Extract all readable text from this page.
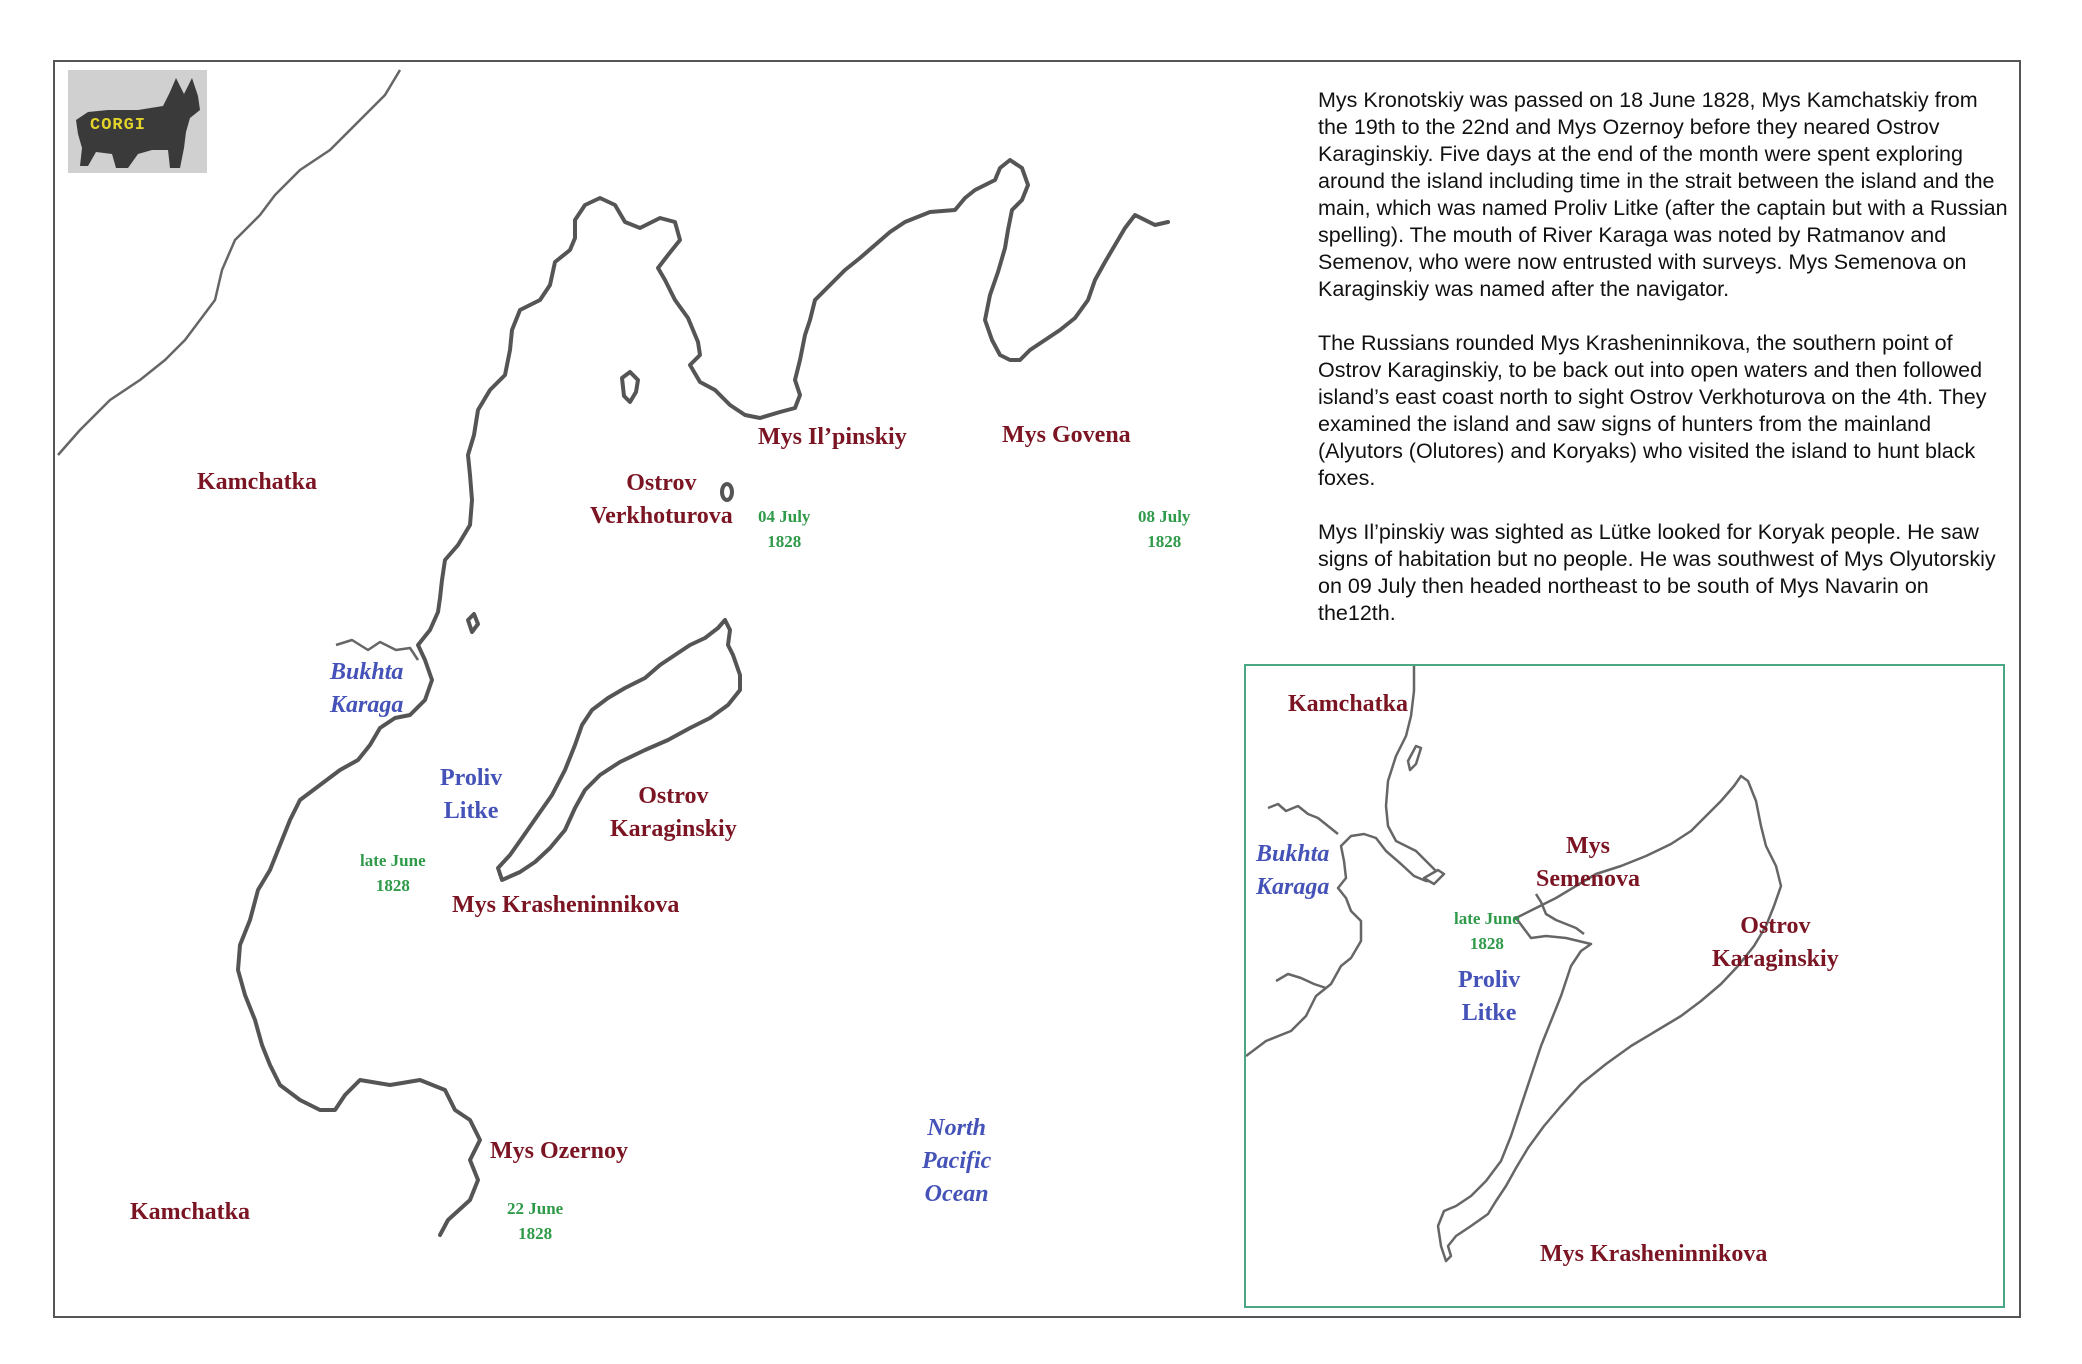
CORGI
Kamchatka
Kamchatka
Ostrov
Verkhoturova
Mys Il’pinskiy	Mys Govena
Bukhta
Karaga
Proliv
Litke
Ostrov
Karaginskiy
Mys Krasheninnikova
Mys Ozernoy
North
Pacific
Ocean
04 July
1828
08 July
1828
late June
1828
22 June
1828

Mys Kronotskiy was passed on 18 June 1828, Mys Kamchatskiy from the 19th to the 22nd and Mys Ozernoy before they neared Ostrov Karaginskiy. Five days at the end of the month were spent exploring around the island including time in the strait between the island and the main, which was named Proliv Litke (after the captain but with a Russian spelling). The mouth of River Karaga was noted by Ratmanov and Semenov, who were now entrusted with surveys. Mys Semenova on Karaginskiy was named after the navigator.

The Russians rounded Mys Krasheninnikova, the southern point of Ostrov Karaginskiy, to be back out into open waters and then followed island’s east coast north to sight Ostrov Verkhoturova on the 4th. They examined the island and saw signs of hunters from the mainland (Alyutors (Olutores) and Koryaks) who visited the island to hunt black foxes.

Mys Il’pinskiy was sighted as Lütke looked for Koryak people. He saw signs of habitation but no people. He was southwest of Mys Olyutorskiy on 09 July then headed northeast to be south of Mys Navarin on the12th.

Kamchatka
Bukhta
Karaga
Mys
Semenova
Ostrov
Karaginskiy
late June
1828
Proliv
Litke
Mys Krasheninnikova
